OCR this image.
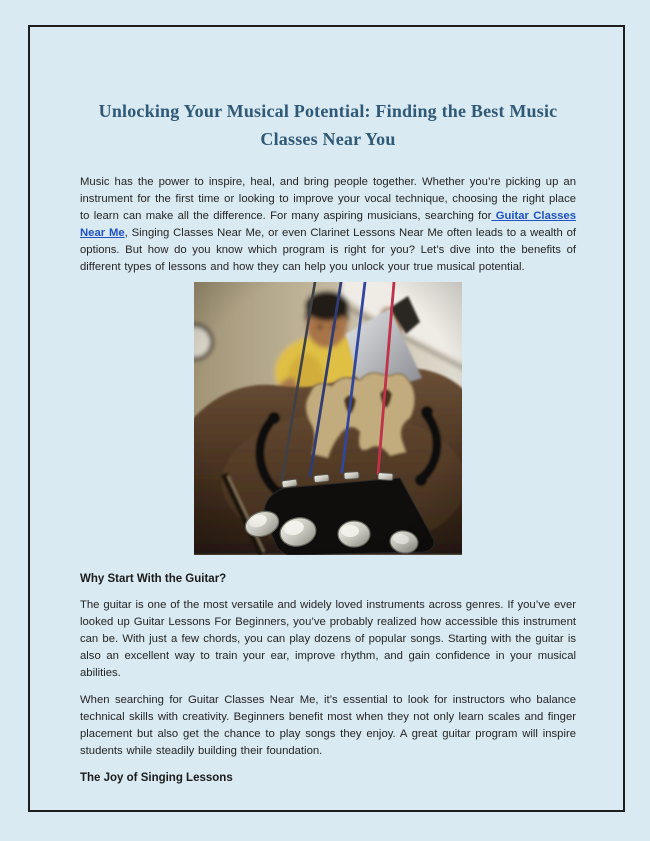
Unlocking Your Musical Potential: Finding the Best Music
Classes Near You

Music has the power to inspire, heal, and bring people together. Whether you’re picking up an instrument for the first time or looking to improve your vocal technique, choosing the right place to learn can make all the difference. For many aspiring musicians, searching for Guitar Classes Near Me, Singing Classes Near Me, or even Clarinet Lessons Near Me often leads to a wealth of options. But how do you know which program is right for you? Let’s dive into the benefits of different types of lessons and how they can help you unlock your true musical potential.

Why Start With the Guitar?

The guitar is one of the most versatile and widely loved instruments across genres. If you’ve ever looked up Guitar Lessons For Beginners, you’ve probably realized how accessible this instrument can be. With just a few chords, you can play dozens of popular songs. Starting with the guitar is also an excellent way to train your ear, improve rhythm, and gain confidence in your musical abilities.

When searching for Guitar Classes Near Me, it’s essential to look for instructors who balance technical skills with creativity. Beginners benefit most when they not only learn scales and finger placement but also get the chance to play songs they enjoy. A great guitar program will inspire students while steadily building their foundation.

The Joy of Singing Lessons
